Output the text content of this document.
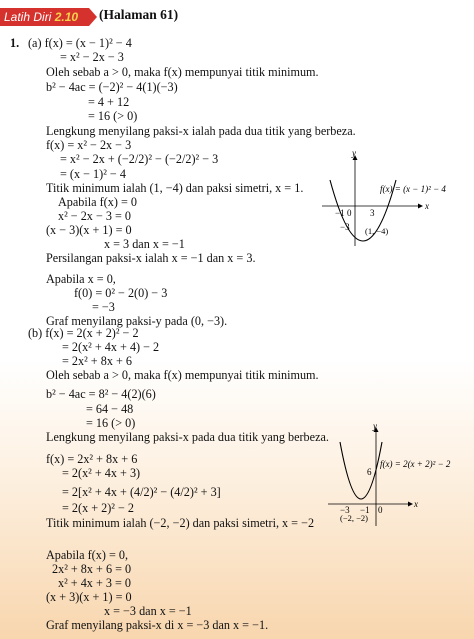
Latih Diri 2.10	(Halaman 61)
1. (a) f(x) = (x − 1)² − 4
= x² − 2x − 3
Oleh sebab a > 0, maka f(x) mempunyai titik minimum.
b² − 4ac = (−2)² − 4(1)(−3)
= 4 + 12
= 16 (> 0)
Lengkung menyilang paksi-x ialah pada dua titik yang berbeza.
f(x) = x² − 2x − 3
= x² − 2x + (−2/2)² − (−2/2)² − 3
= (x − 1)² − 4
Titik minimum ialah (1, −4) dan paksi simetri, x = 1.
Apabila f(x) = 0
x² − 2x − 3 = 0
(x − 3)(x + 1) = 0
x = 3 dan x = −1
Persilangan paksi-x ialah x = −1 dan x = 3.
Apabila x = 0,
f(0) = 0² − 2(0) − 3
= −3
Graf menyilang paksi-y pada (0, −3).
y
x
f(x) = (x − 1)² − 4
−1 0 3
−3 (1, −4)
(b) f(x) = 2(x + 2)² − 2
= 2(x² + 4x + 4) − 2
= 2x² + 8x + 6
Oleh sebab a > 0, maka f(x) mempunyai titik minimum.
b² − 4ac = 8² − 4(2)(6)
= 64 − 48
= 16 (> 0)
Lengkung menyilang paksi-x pada dua titik yang berbeza.
f(x) = 2x² + 8x + 6
= 2(x² + 4x + 3)
= 2[x² + 4x + (4/2)² − (4/2)² + 3]
= 2(x + 2)² − 2
Titik minimum ialah (−2, −2) dan paksi simetri, x = −2
Apabila f(x) = 0,
2x² + 8x + 6 = 0
x² + 4x + 3 = 0
(x + 3)(x + 1) = 0
x = −3 dan x = −1
Graf menyilang paksi-x di x = −3 dan x = −1.
y
x
f(x) = 2(x + 2)² − 2
6
−3 −1 0
(−2, −2)
